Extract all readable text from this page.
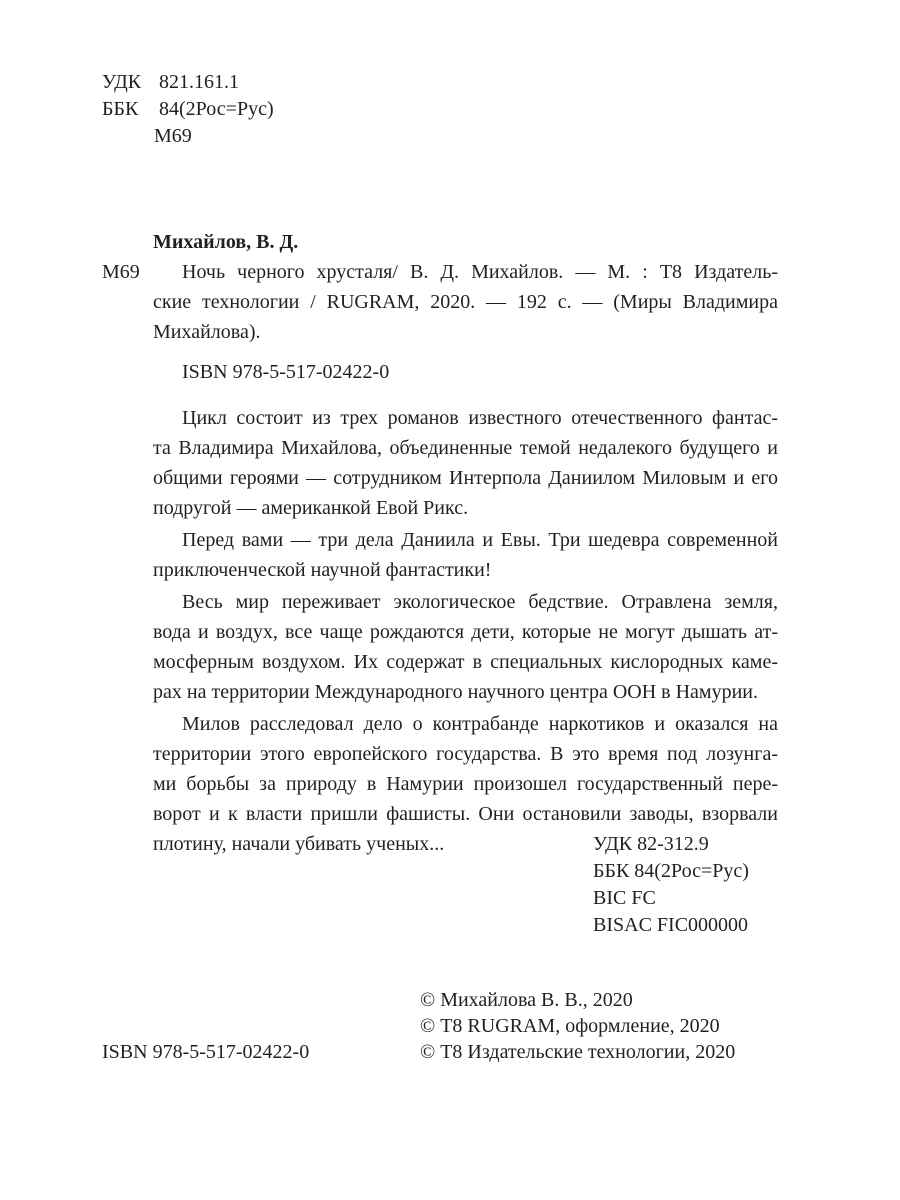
УДК 821.161.1
ББК 84(2Рос=Рус)
М69
Михайлов, В. Д.
М69	Ночь черного хрусталя/ В. Д. Михайлов. — М. : Т8 Издатель-
ские технологии / RUGRAM, 2020. — 192 с. — (Миры Владимира
Михайлова).
ISBN 978-5-517-02422-0
Цикл состоит из трех романов известного отечественного фантас-
та Владимира Михайлова, объединенные темой недалекого будущего и
общими героями — сотрудником Интерпола Даниилом Миловым и его
подругой — американкой Евой Рикс.
Перед вами — три дела Даниила и Евы. Три шедевра современной
приключенческой научной фантастики!
Весь мир переживает экологическое бедствие. Отравлена земля,
вода и воздух, все чаще рождаются дети, которые не могут дышать ат-
мосферным воздухом. Их содержат в специальных кислородных каме-
рах на территории Международного научного центра ООН в Намурии.
Милов расследовал дело о контрабанде наркотиков и оказался на
территории этого европейского государства. В это время под лозунга-
ми борьбы за природу в Намурии произошел государственный пере-
ворот и к власти пришли фашисты. Они остановили заводы, взорвали
плотину, начали убивать ученых...	УДК 82-312.9
ББК 84(2Рос=Рус)
BIC FC
BISAC FIC000000
ISBN 978-5-517-02422-0
© Михайлова В. В., 2020
© Т8 RUGRAM, оформление, 2020
© Т8 Издательские технологии, 2020
